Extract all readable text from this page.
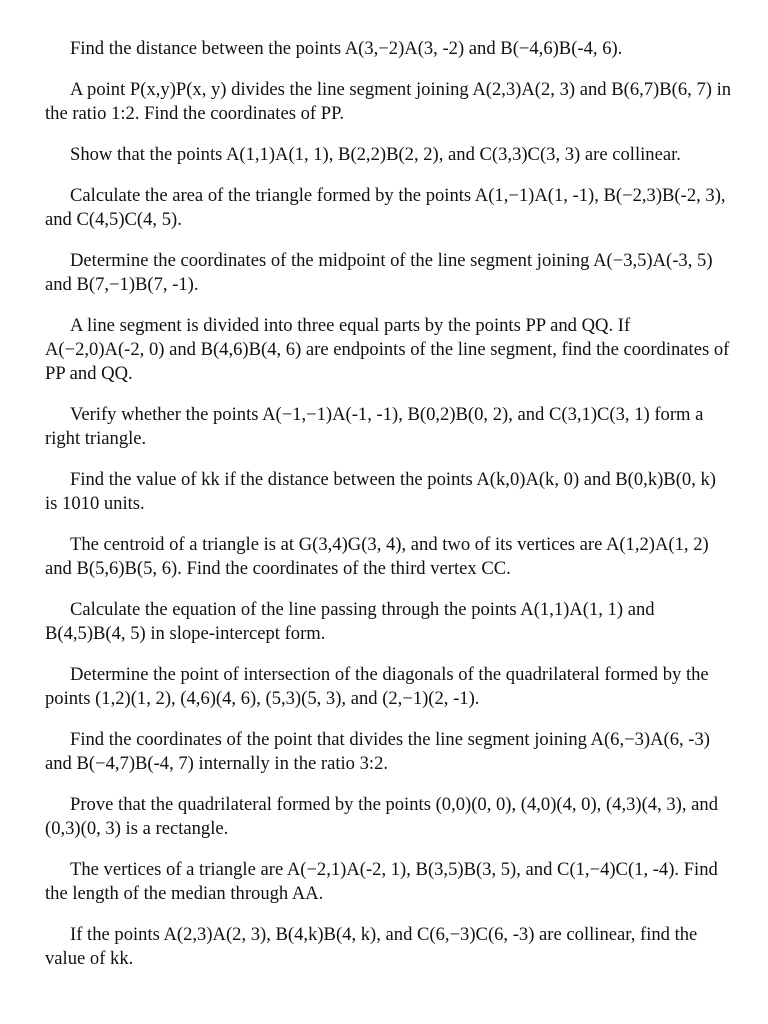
Find the distance between the points A(3,−2)A(3, -2) and B(−4,6)B(-4, 6).

A point P(x,y)P(x, y) divides the line segment joining A(2,3)A(2, 3) and B(6,7)B(6, 7) in the ratio 1:2. Find the coordinates of PP.

Show that the points A(1,1)A(1, 1), B(2,2)B(2, 2), and C(3,3)C(3, 3) are collinear.

Calculate the area of the triangle formed by the points A(1,−1)A(1, -1), B(−2,3)B(-2, 3), and C(4,5)C(4, 5).

Determine the coordinates of the midpoint of the line segment joining A(−3,5)A(-3, 5) and B(7,−1)B(7, -1).

A line segment is divided into three equal parts by the points PP and QQ. If A(−2,0)A(-2, 0) and B(4,6)B(4, 6) are endpoints of the line segment, find the coordinates of PP and QQ.

Verify whether the points A(−1,−1)A(-1, -1), B(0,2)B(0, 2), and C(3,1)C(3, 1) form a right triangle.

Find the value of kk if the distance between the points A(k,0)A(k, 0) and B(0,k)B(0, k) is 1010 units.

The centroid of a triangle is at G(3,4)G(3, 4), and two of its vertices are A(1,2)A(1, 2) and B(5,6)B(5, 6). Find the coordinates of the third vertex CC.

Calculate the equation of the line passing through the points A(1,1)A(1, 1) and B(4,5)B(4, 5) in slope-intercept form.

Determine the point of intersection of the diagonals of the quadrilateral formed by the points (1,2)(1, 2), (4,6)(4, 6), (5,3)(5, 3), and (2,−1)(2, -1).

Find the coordinates of the point that divides the line segment joining A(6,−3)A(6, -3) and B(−4,7)B(-4, 7) internally in the ratio 3:2.

Prove that the quadrilateral formed by the points (0,0)(0, 0), (4,0)(4, 0), (4,3)(4, 3), and (0,3)(0, 3) is a rectangle.

The vertices of a triangle are A(−2,1)A(-2, 1), B(3,5)B(3, 5), and C(1,−4)C(1, -4). Find the length of the median through AA.

If the points A(2,3)A(2, 3), B(4,k)B(4, k), and C(6,−3)C(6, -3) are collinear, find the value of kk.
